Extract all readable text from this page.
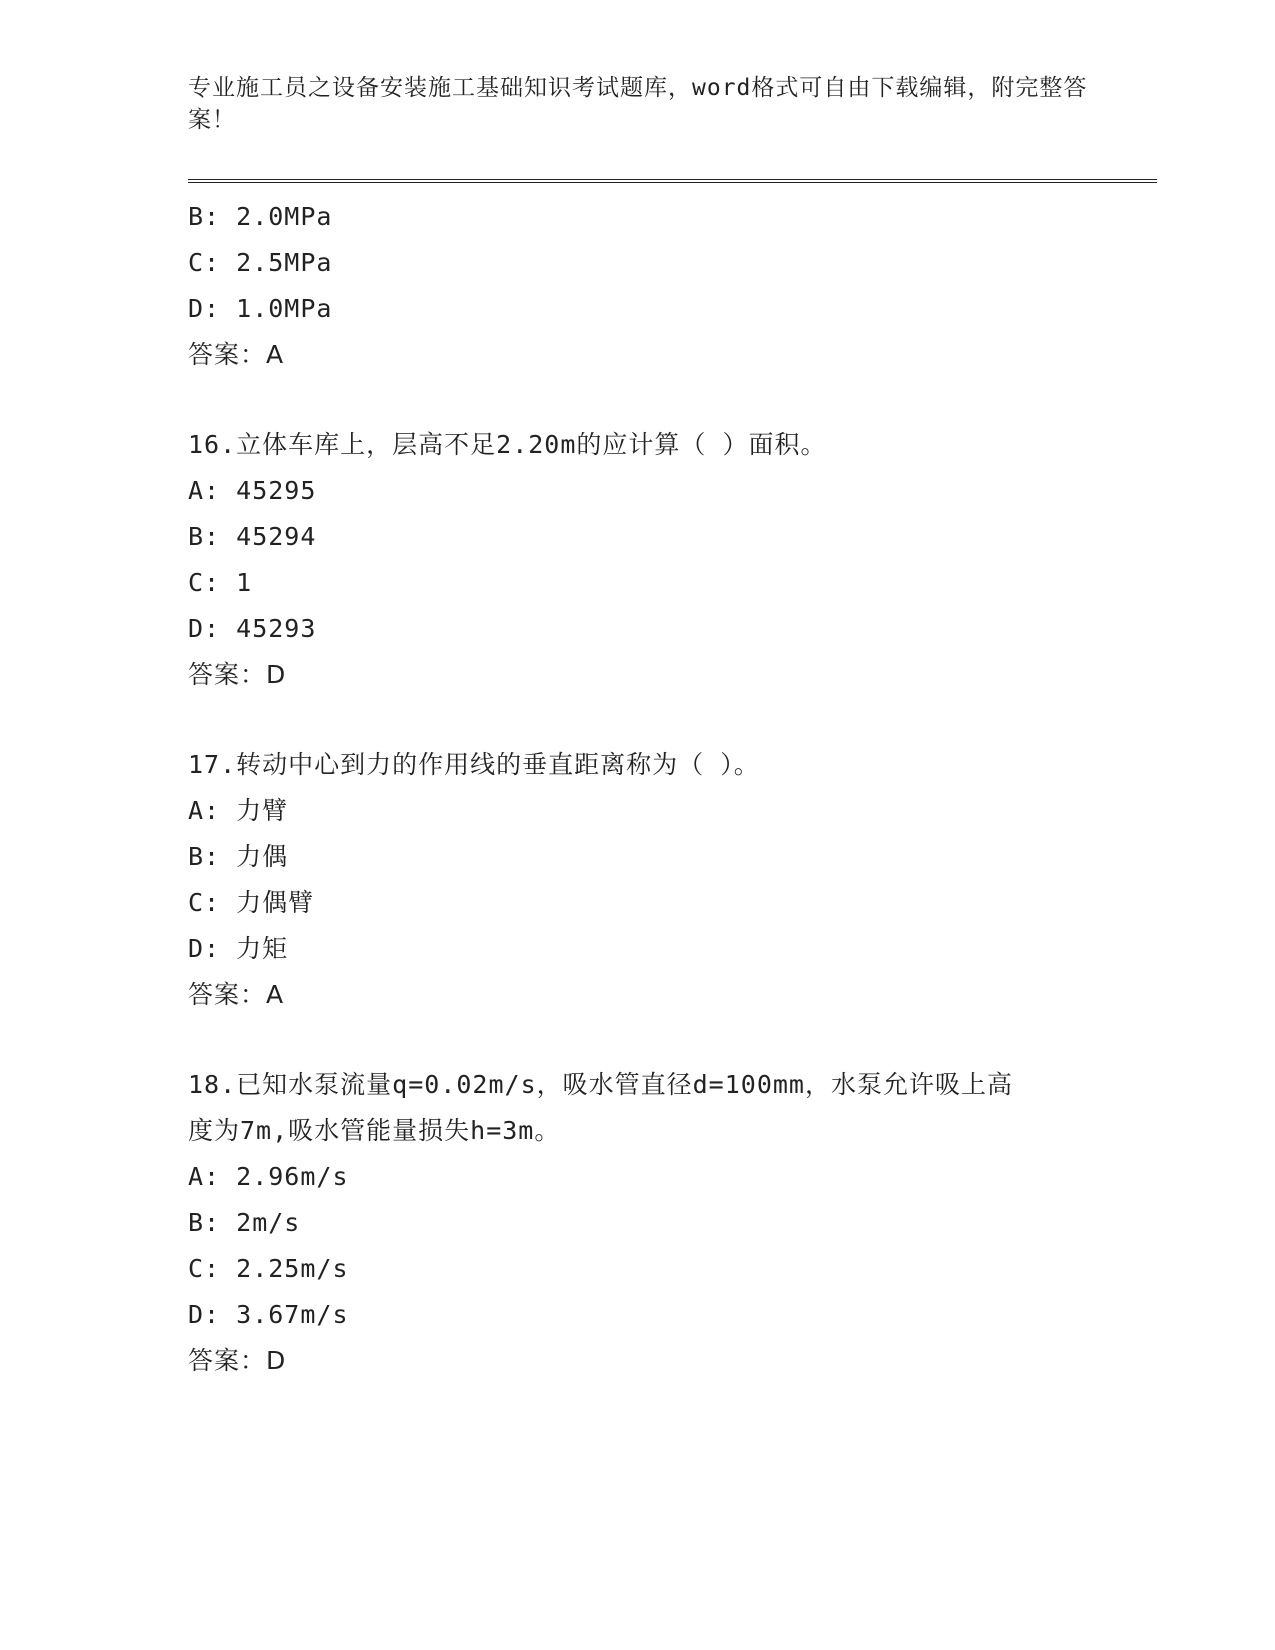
专业施工员之设备安装施工基础知识考试题库，word格式可自由下载编辑，附完整答案！
B: 2.0MPa
C: 2.5MPa
D: 1.0MPa
答案：A
16.立体车库上，层高不足2.20m的应计算（ ）面积。
A: 45295
B: 45294
C: 1
D: 45293
答案：D
17.转动中心到力的作用线的垂直距离称为（ ）。
A: 力臂
B: 力偶
C: 力偶臂
D: 力矩
答案：A
18.已知水泵流量q=0.02m/s，吸水管直径d=100mm，水泵允许吸上高
度为7m,吸水管能量损失h=3m。
A: 2.96m/s
B: 2m/s
C: 2.25m/s
D: 3.67m/s
答案：D
